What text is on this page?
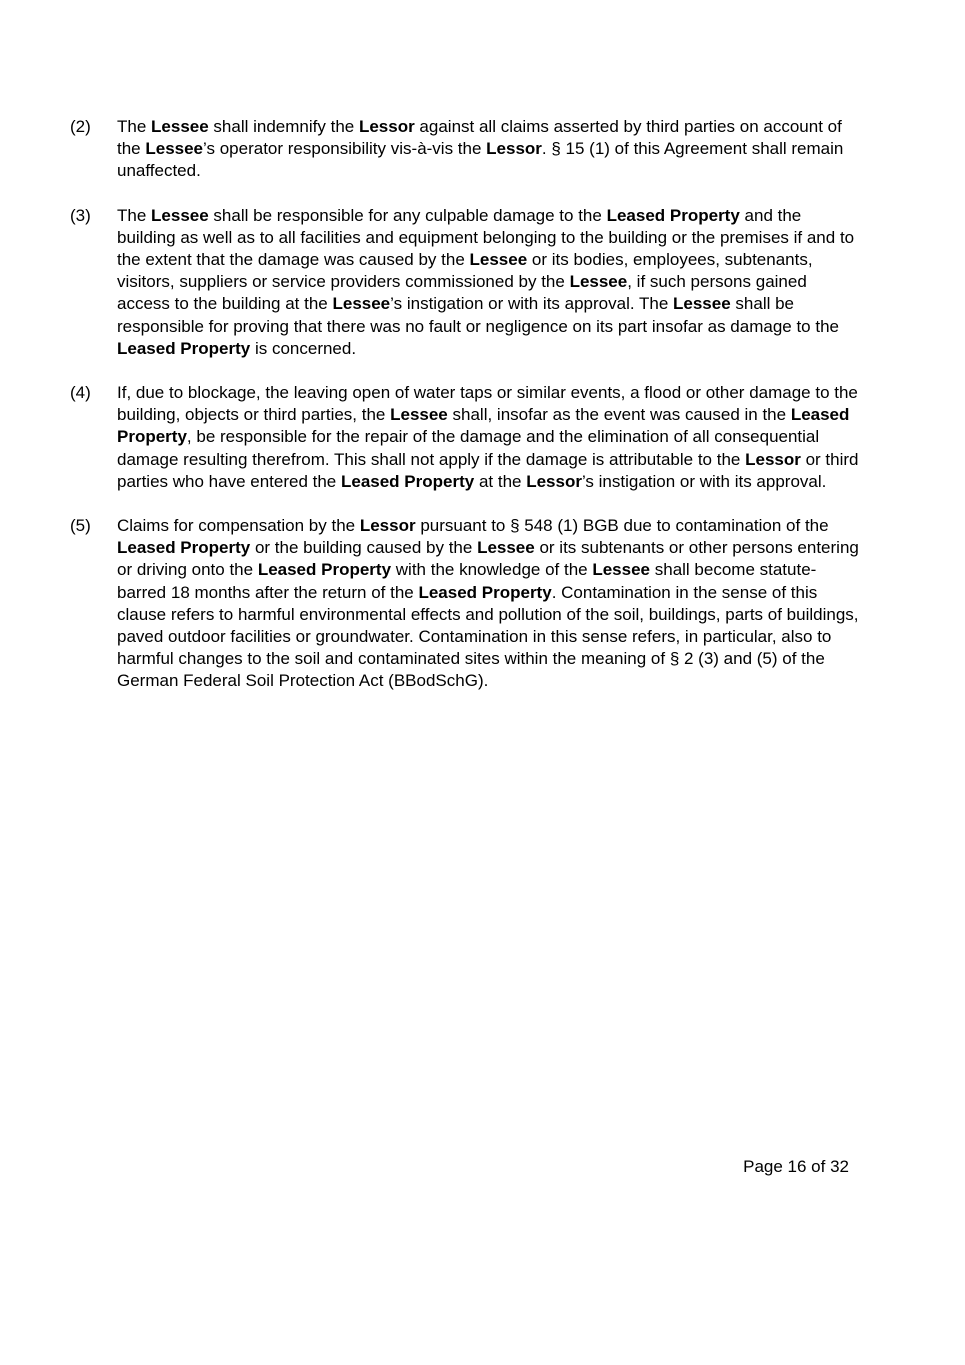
(2)	The Lessee shall indemnify the Lessor against all claims asserted by third parties on account of the Lessee’s operator responsibility vis-à-vis the Lessor. § 15 (1) of this Agreement shall remain unaffected.
(3)	The Lessee shall be responsible for any culpable damage to the Leased Property and the building as well as to all facilities and equipment belonging to the building or the premises if and to the extent that the damage was caused by the Lessee or its bodies, employees, subtenants, visitors, suppliers or service providers commissioned by the Lessee, if such persons gained access to the building at the Lessee’s instigation or with its approval. The Lessee shall be responsible for proving that there was no fault or negligence on its part insofar as damage to the Leased Property is concerned.
(4)	If, due to blockage, the leaving open of water taps or similar events, a flood or other damage to the building, objects or third parties, the Lessee shall, insofar as the event was caused in the Leased Property, be responsible for the repair of the damage and the elimination of all consequential damage resulting therefrom. This shall not apply if the damage is attributable to the Lessor or third parties who have entered the Leased Property at the Lessor’s instigation or with its approval.
(5)	Claims for compensation by the Lessor pursuant to § 548 (1) BGB due to contamination of the Leased Property or the building caused by the Lessee or its subtenants or other persons entering or driving onto the Leased Property with the knowledge of the Lessee shall become statute-barred 18 months after the return of the Leased Property. Contamination in the sense of this clause refers to harmful environmental effects and pollution of the soil, buildings, parts of buildings, paved outdoor facilities or groundwater. Contamination in this sense refers, in particular, also to harmful changes to the soil and contaminated sites within the meaning of § 2 (3) and (5) of the German Federal Soil Protection Act (BBodSchG).
Page 16 of 32
